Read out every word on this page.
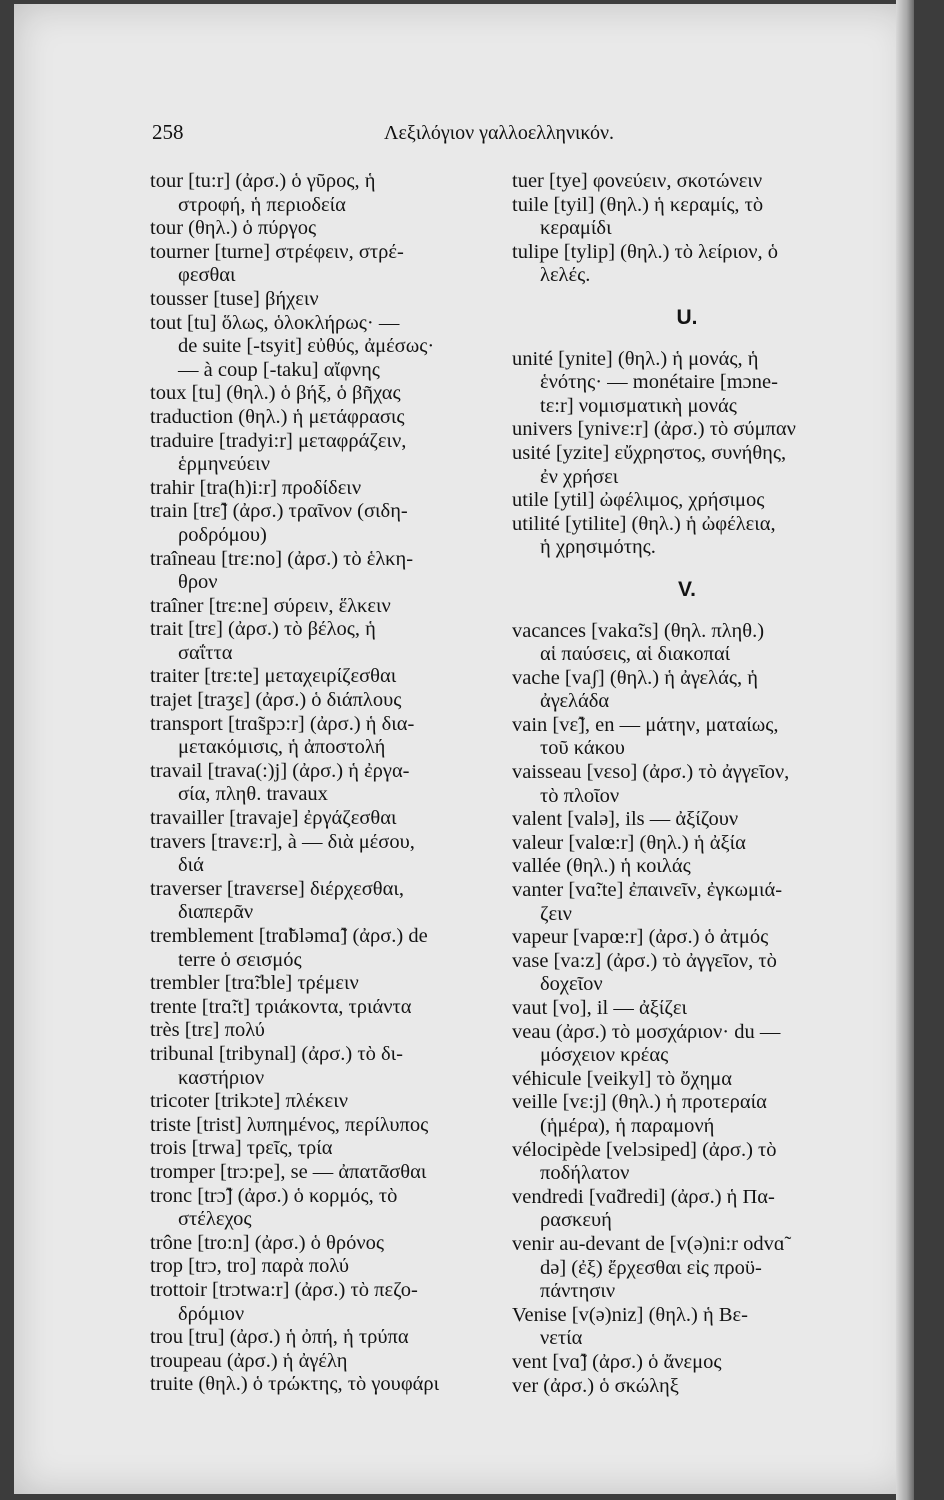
258	Λεξιλόγιον γαλλοελληνικόν.
tour [tu:r] (ἀρσ.) ὁ γῦρος, ἡ
στροφή, ἡ περιοδεία
tour (θηλ.) ὁ πύργος
tourner [turne] στρέφειν, στρέ-
φεσθαι
tousser [tuse] βήχειν
tout [tu] ὅλως, ὁλοκλήρως· —
de suite [-tsyit] εὐθύς, ἀμέσως·
— à coup [-taku] αἴφνης
toux [tu] (θηλ.) ὁ βήξ, ὁ βῆχας
traduction (θηλ.) ἡ μετάφρασις
traduire [tradyi:r] μεταφράζειν,
ἑρμηνεύειν
trahir [tra(h)i:r] προδίδειν
train [trɛ̃] (ἀρσ.) τραῖνον (σιδη-
ροδρόμου)
traîneau [trɛ:no] (ἀρσ.) τὸ ἑλκη-
θρον
traîner [trɛ:ne] σύρειν, ἕλκειν
trait [trɛ] (ἀρσ.) τὸ βέλος, ἡ
σαΐττα
traiter [trɛ:te] μεταχειρίζεσθαι
trajet [traʒɛ] (ἀρσ.) ὁ διάπλους
transport [trɑ̃spɔ:r] (ἀρσ.) ἡ δια-
μετακόμισις, ἡ ἀποστολή
travail [trava(:)j] (ἀρσ.) ἡ ἐργα-
σία, πληθ. travaux
travailler [travaje] ἐργάζεσθαι
travers [travɛ:r], à — διὰ μέσου,
διά
traverser [travɛrse] διέρχεσθαι,
διαπερᾶν
tremblement [trɑ̃bləmɑ̃] (ἀρσ.) de
terre ὁ σεισμός
trembler [trɑ̃:ble] τρέμειν
trente [trɑ̃:t] τριάκοντα, τριάντα
très [trɛ] πολύ
tribunal [tribynal] (ἀρσ.) τὸ δι-
καστήριον
tricoter [trikɔte] πλέκειν
triste [trist] λυπημένος, περίλυπος
trois [trwa] τρεῖς, τρία
tromper [trɔ:pe], se — ἀπατᾶσθαι
tronc [trɔ̃] (ἀρσ.) ὁ κορμός, τὸ
στέλεχος
trône [tro:n] (ἀρσ.) ὁ θρόνος
trop [trɔ, tro] παρὰ πολύ
trottoir [trɔtwa:r] (ἀρσ.) τὸ πεζο-
δρόμιον
trou [tru] (ἀρσ.) ἡ ὀπή, ἡ τρύπα
troupeau (ἀρσ.) ἡ ἀγέλη
truite (θηλ.) ὁ τρώκτης, τὸ γουφάρι
tuer [tye] φονεύειν, σκοτώνειν
tuile [tyil] (θηλ.) ἡ κεραμίς, τὸ
κεραμίδι
tulipe [tylip] (θηλ.) τὸ λείριον, ὁ
λελές.
U.
unité [ynite] (θηλ.) ἡ μονάς, ἡ
ἑνότης· — monétaire [mɔne-
tɛ:r] νομισματικὴ μονάς
univers [ynivɛ:r] (ἀρσ.) τὸ σύμπαν
usité [yzite] εὔχρηστος, συνήθης,
ἐν χρήσει
utile [ytil] ὠφέλιμος, χρήσιμος
utilité [ytilite] (θηλ.) ἡ ὠφέλεια,
ἡ χρησιμότης.
V.
vacances [vakɑ̃:s] (θηλ. πληθ.)
αἱ παύσεις, αἱ διακοπαί
vache [vaʃ] (θηλ.) ἡ ἀγελάς, ἡ
ἀγελάδα
vain [vɛ̃], en — μάτην, ματαίως,
τοῦ κάκου
vaisseau [vɛso] (ἀρσ.) τὸ ἀγγεῖον,
τὸ πλοῖον
valent [valə], ils — ἀξίζουν
valeur [valœ:r] (θηλ.) ἡ ἀξία
vallée (θηλ.) ἡ κοιλάς
vanter [vɑ̃:te] ἐπαινεῖν, ἐγκωμιά-
ζειν
vapeur [vapœ:r] (ἀρσ.) ὁ ἀτμός
vase [va:z] (ἀρσ.) τὸ ἀγγεῖον, τὸ
δοχεῖον
vaut [vo], il — ἀξίζει
veau (ἀρσ.) τὸ μοσχάριον· du —
μόσχειον κρέας
véhicule [veikyl] τὸ ὄχημα
veille [vɛ:j] (θηλ.) ἡ προτεραία
(ἡμέρα), ἡ παραμονή
vélocipède [velɔsiped] (ἀρσ.) τὸ
ποδήλατον
vendredi [vɑ̃dredi] (ἀρσ.) ἡ Πα-
ρασκευή
venir au-devant de [v(ə)ni:r odvɑ̃
də] (ἐξ) ἔρχεσθαι εἰς προϋ-
πάντησιν
Venise [v(ə)niz] (θηλ.) ἡ Βε-
νετία
vent [vɑ̃] (ἀρσ.) ὁ ἄνεμος
ver (ἀρσ.) ὁ σκώληξ
